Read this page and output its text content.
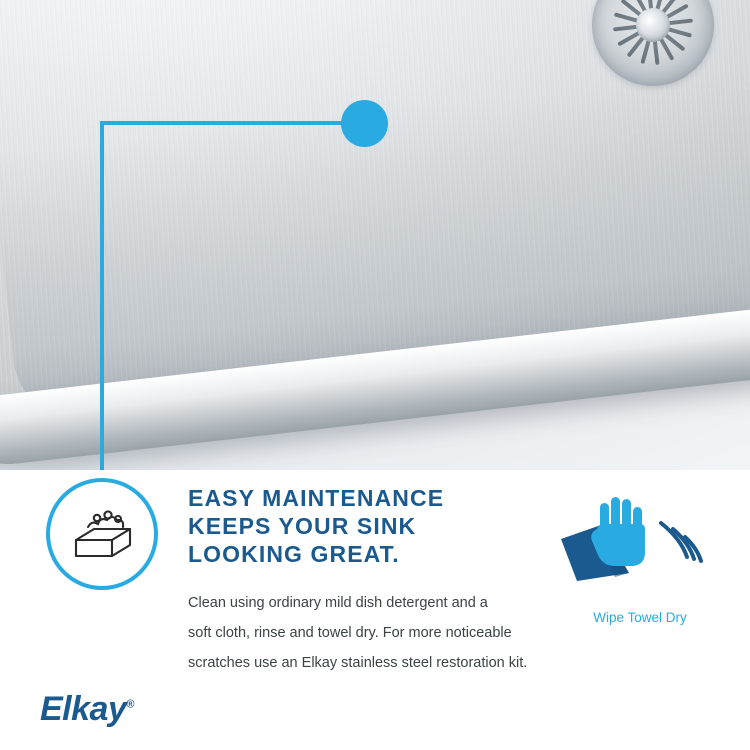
EASY MAINTENANCE
KEEPS YOUR SINK
LOOKING GREAT.
Clean using ordinary mild dish detergent and a
soft cloth, rinse and towel dry. For more noticeable
scratches use an Elkay stainless steel restoration kit.
Wipe Towel Dry
Elkay®
